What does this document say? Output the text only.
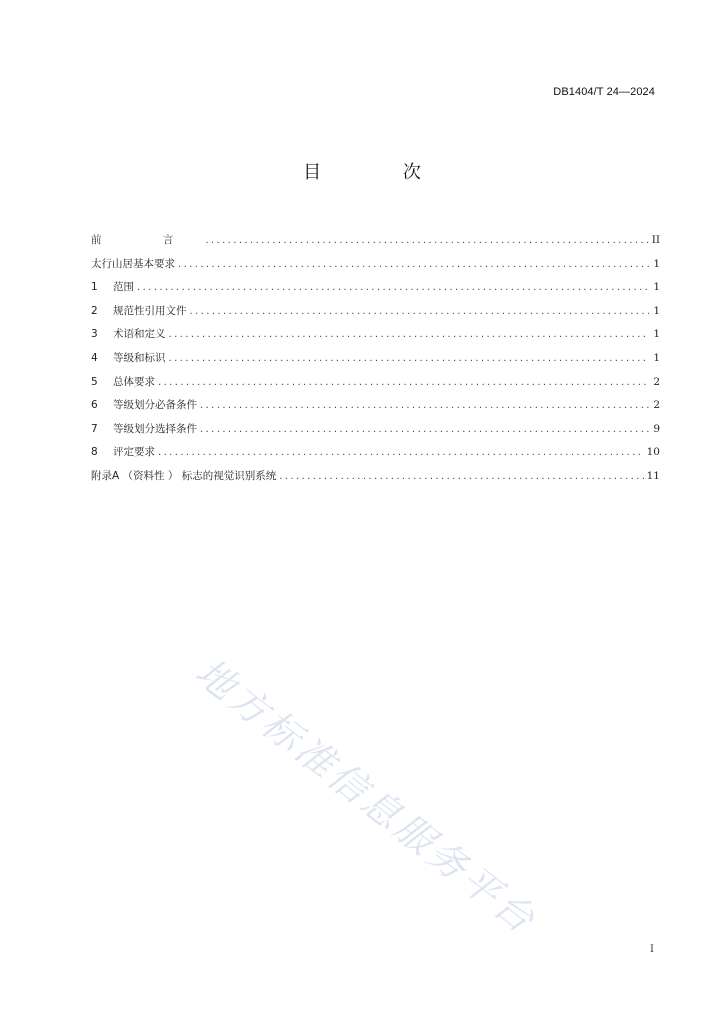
DB1404/T 24—2024
目 次
前 言 .....	II
太行山居基本要求 .....	1
1	范围 .....	1
2	规范性引用文件 .....	1
3	术语和定义 .....	1
4	等级和标识 .....	1
5	总体要求 .....	2
6	等级划分必备条件 .....	2
7	等级划分选择条件 .....	9
8	评定要求 .....	10
附录A （资料性 ） 标志的视觉识别系统 .....	11
地方标准信息服务平台
I
